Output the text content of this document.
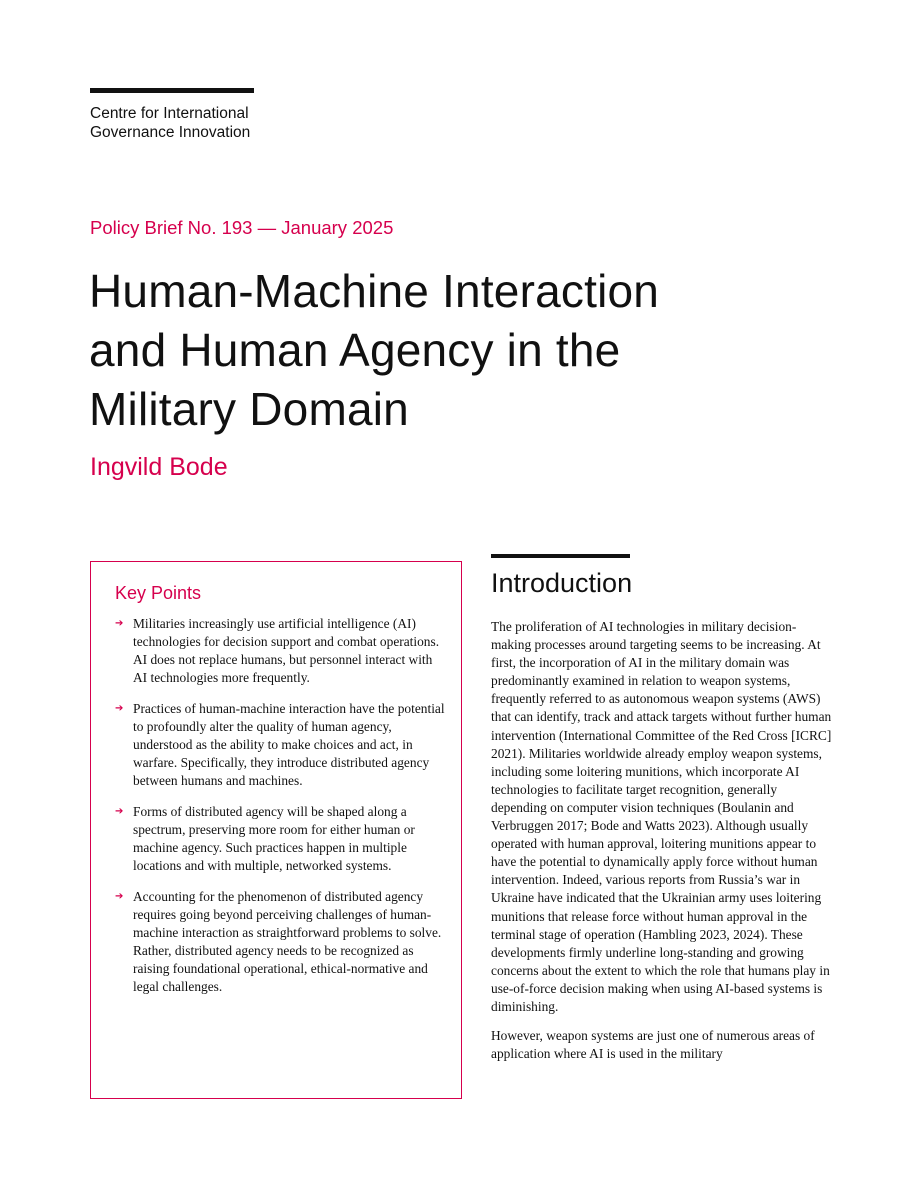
Centre for International
Governance Innovation
Policy Brief No. 193 — January 2025
Human-Machine Interaction
and Human Agency in the
Military Domain
Ingvild Bode
Key Points
➔ Militaries increasingly use artificial intelligence (AI) technologies for decision support and combat operations. AI does not replace humans, but personnel interact with AI technologies more frequently.
➔ Practices of human-machine interaction have the potential to profoundly alter the quality of human agency, understood as the ability to make choices and act, in warfare. Specifically, they introduce distributed agency between humans and machines.
➔ Forms of distributed agency will be shaped along a spectrum, preserving more room for either human or machine agency. Such practices happen in multiple locations and with multiple, networked systems.
➔ Accounting for the phenomenon of distributed agency requires going beyond perceiving challenges of human-machine interaction as straightforward problems to solve. Rather, distributed agency needs to be recognized as raising foundational operational, ethical-normative and legal challenges.
Introduction

The proliferation of AI technologies in military decision-making processes around targeting seems to be increasing. At first, the incorporation of AI in the military domain was predominantly examined in relation to weapon systems, frequently referred to as autonomous weapon systems (AWS) that can identify, track and attack targets without further human intervention (International Committee of the Red Cross [ICRC] 2021). Militaries worldwide already employ weapon systems, including some loitering munitions, which incorporate AI technologies to facilitate target recognition, generally depending on computer vision techniques (Boulanin and Verbruggen 2017; Bode and Watts 2023). Although usually operated with human approval, loitering munitions appear to have the potential to dynamically apply force without human intervention. Indeed, various reports from Russia’s war in Ukraine have indicated that the Ukrainian army uses loitering munitions that release force without human approval in the terminal stage of operation (Hambling 2023, 2024). These developments firmly underline long-standing and growing concerns about the extent to which the role that humans play in use-of-force decision making when using AI-based systems is diminishing.

However, weapon systems are just one of numerous areas of application where AI is used in the military
